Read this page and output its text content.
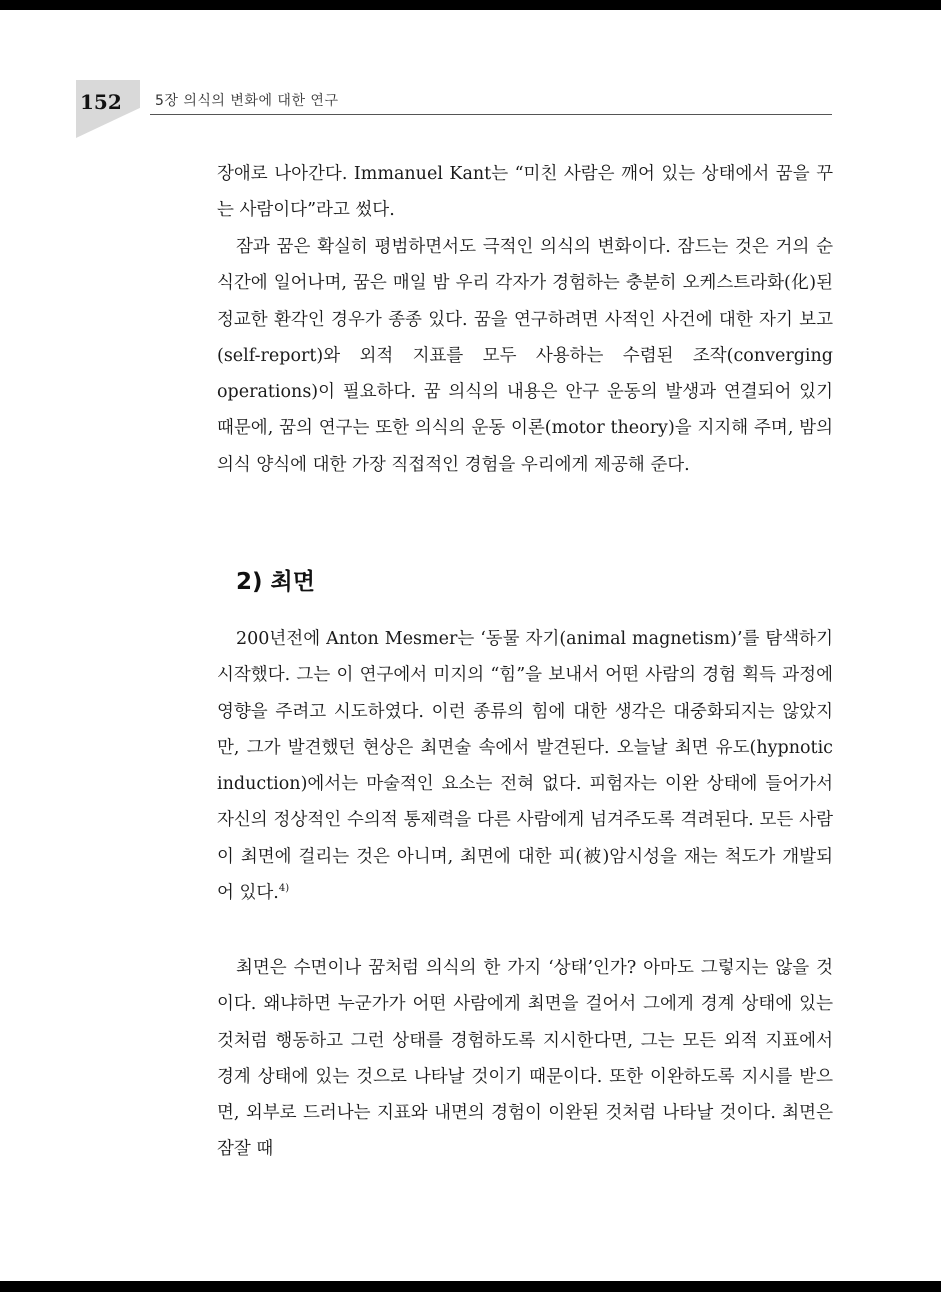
152 5장 의식의 변화에 대한 연구

장애로 나아간다. Immanuel Kant는 “미친 사람은 깨어 있는 상태에서 꿈을 꾸는 사람이다”라고 썼다.

잠과 꿈은 확실히 평범하면서도 극적인 의식의 변화이다. 잠드는 것은 거의 순식간에 일어나며, 꿈은 매일 밤 우리 각자가 경험하는 충분히 오케스트라화(化)된 정교한 환각인 경우가 종종 있다. 꿈을 연구하려면 사적인 사건에 대한 자기 보고(self-report)와 외적 지표를 모두 사용하는 수렴된 조작(converging operations)이 필요하다. 꿈 의식의 내용은 안구 운동의 발생과 연결되어 있기 때문에, 꿈의 연구는 또한 의식의 운동 이론(motor theory)을 지지해 주며, 밤의 의식 양식에 대한 가장 직접적인 경험을 우리에게 제공해 준다.

2) 최면

200년전에 Anton Mesmer는 ‘동물 자기(animal magnetism)’를 탐색하기 시작했다. 그는 이 연구에서 미지의 “힘”을 보내서 어떤 사람의 경험 획득 과정에 영향을 주려고 시도하였다. 이런 종류의 힘에 대한 생각은 대중화되지는 않았지만, 그가 발견했던 현상은 최면술 속에서 발견된다. 오늘날 최면 유도(hypnotic induction)에서는 마술적인 요소는 전혀 없다. 피험자는 이완 상태에 들어가서 자신의 정상적인 수의적 통제력을 다른 사람에게 넘겨주도록 격려된다. 모든 사람이 최면에 걸리는 것은 아니며, 최면에 대한 피(被)암시성을 재는 척도가 개발되어 있다.$^{4)}$

최면은 수면이나 꿈처럼 의식의 한 가지 ‘상태’인가? 아마도 그렇지는 않을 것이다. 왜냐하면 누군가가 어떤 사람에게 최면을 걸어서 그에게 경계 상태에 있는 것처럼 행동하고 그런 상태를 경험하도록 지시한다면, 그는 모든 외적 지표에서 경계 상태에 있는 것으로 나타날 것이기 때문이다. 또한 이완하도록 지시를 받으면, 외부로 드러나는 지표와 내면의 경험이 이완된 것처럼 나타날 것이다. 최면은 잠잘 때
